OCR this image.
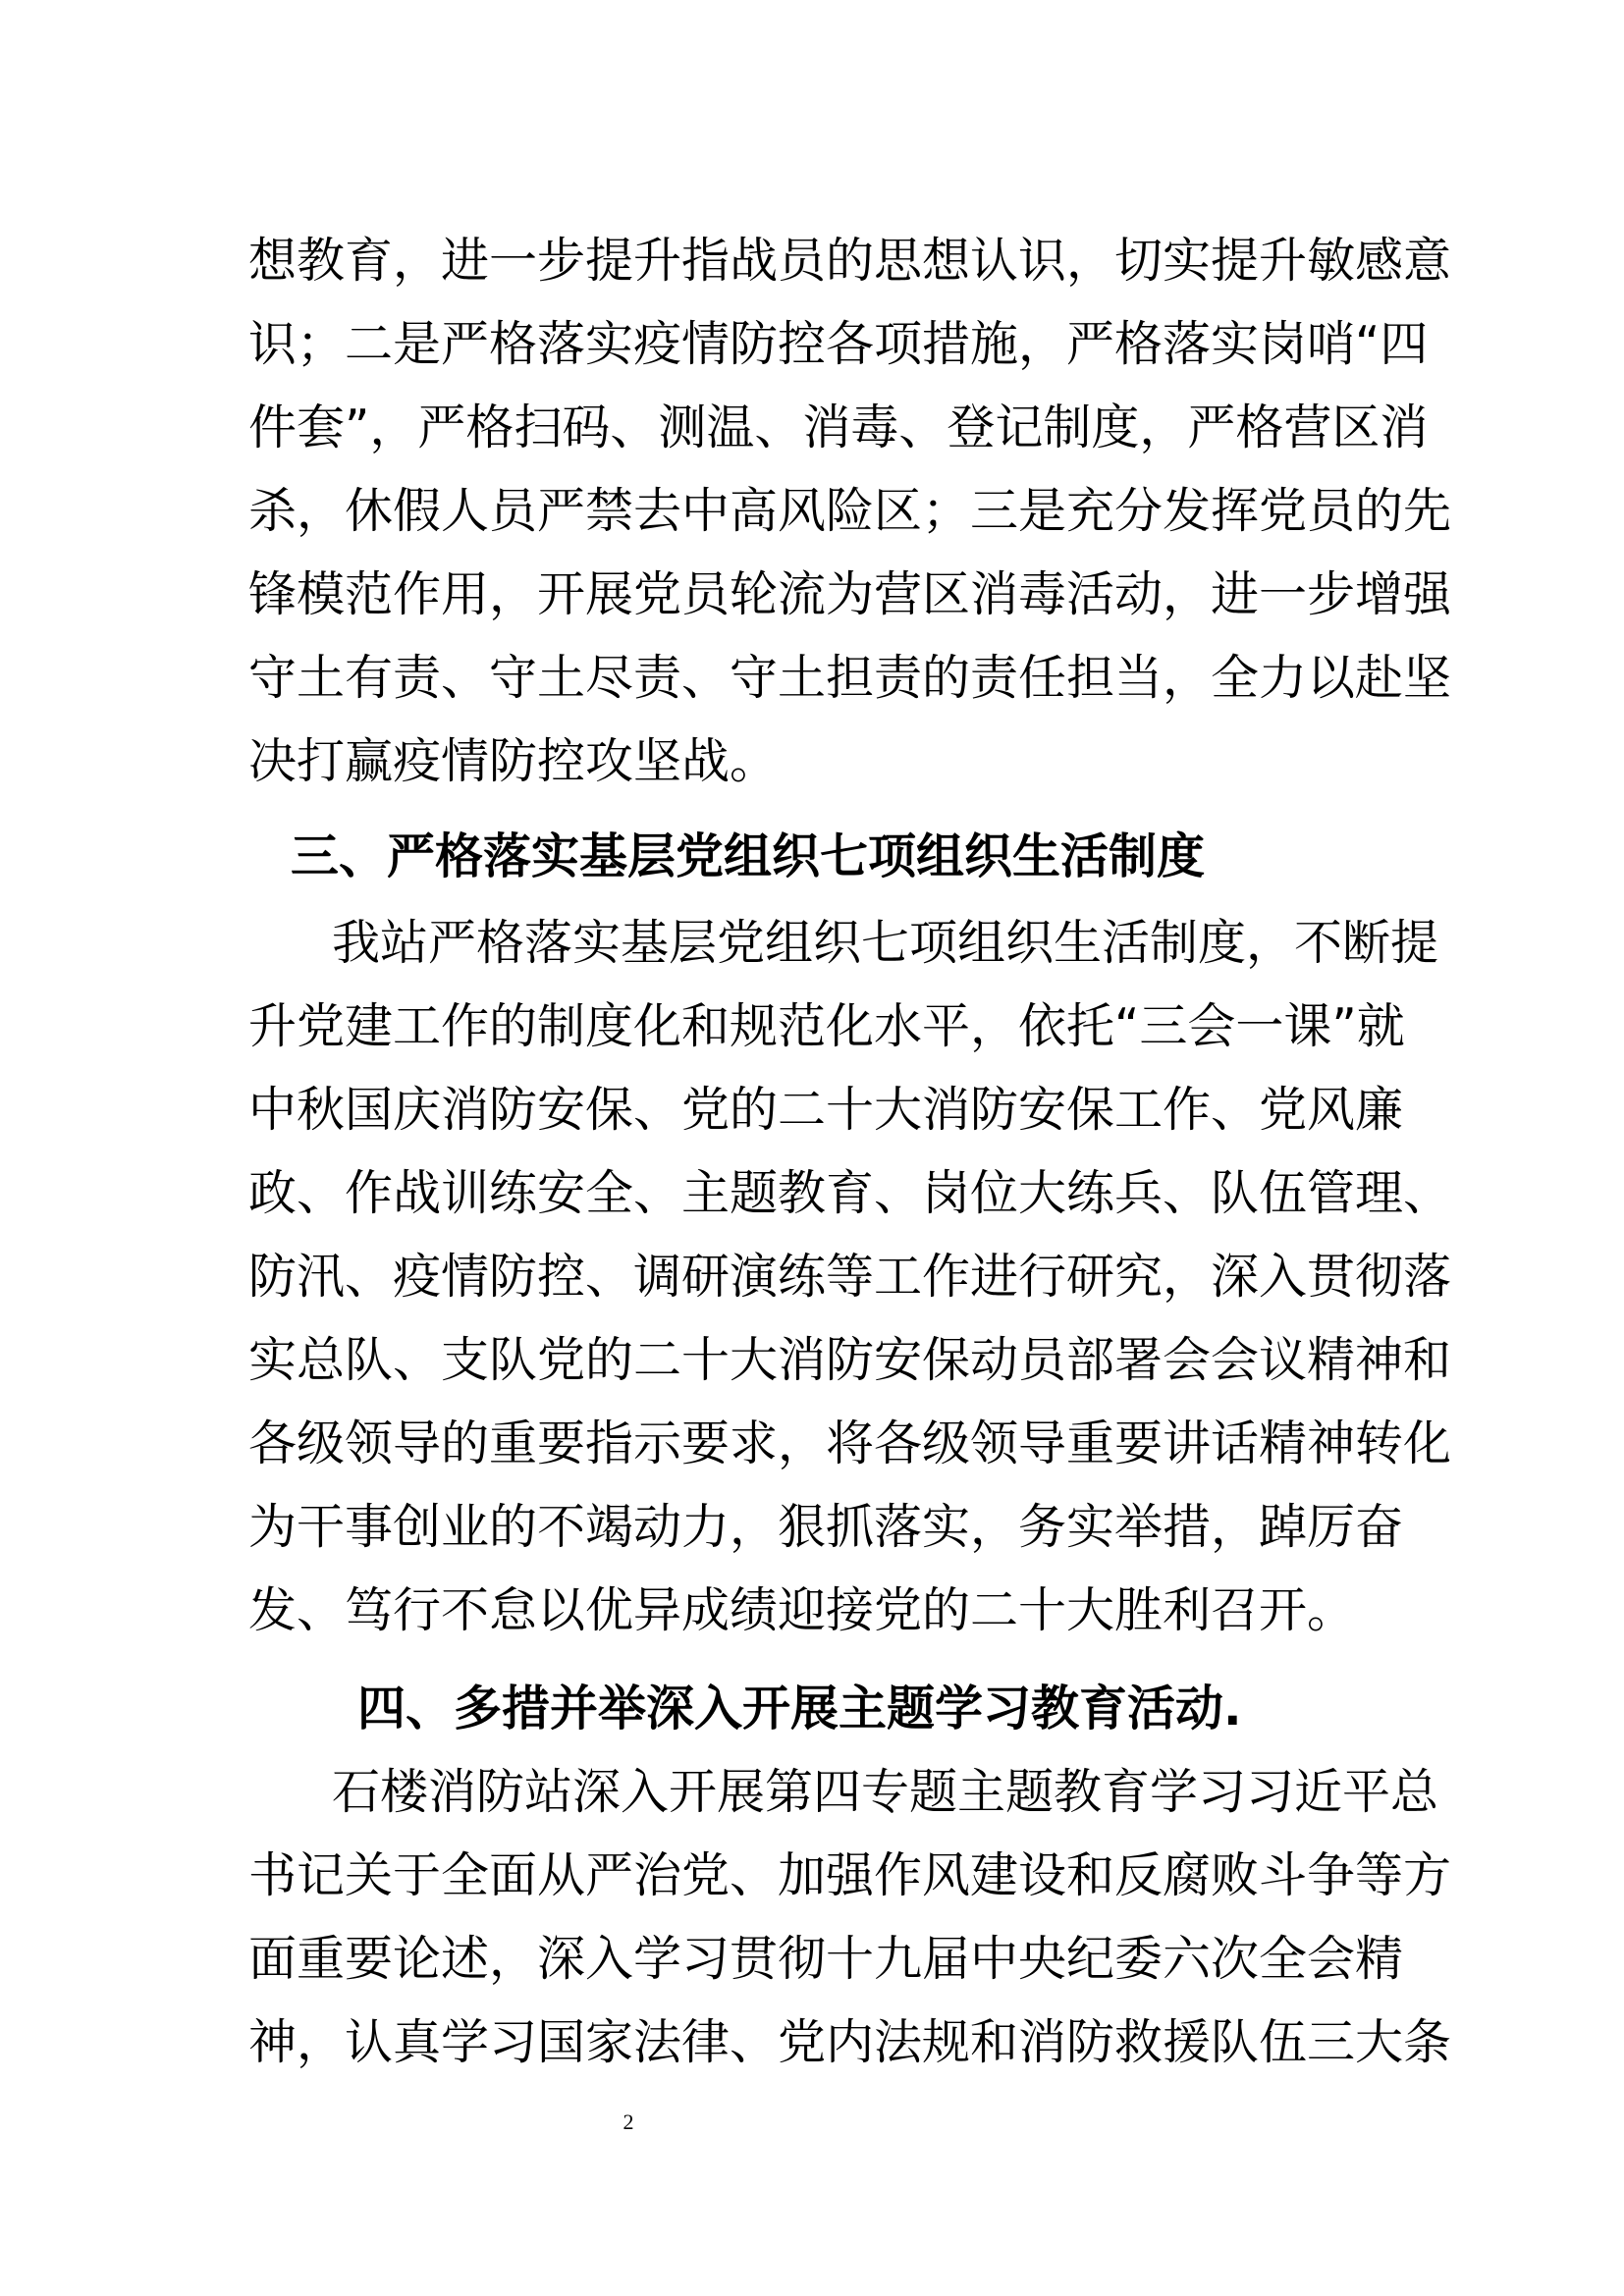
想教育，进一步提升指战员的思想认识，切实提升敏感意
识；二是严格落实疫情防控各项措施，严格落实岗哨“四
件套”，严格扫码、测温、消毒、登记制度，严格营区消
杀，休假人员严禁去中高风险区；三是充分发挥党员的先
锋模范作用，开展党员轮流为营区消毒活动，进一步增强
守土有责、守土尽责、守土担责的责任担当，全力以赴坚
决打赢疫情防控攻坚战。
三、严格落实基层党组织七项组织生活制度
我站严格落实基层党组织七项组织生活制度，不断提
升党建工作的制度化和规范化水平，依托“三会一课”就
中秋国庆消防安保、党的二十大消防安保工作、党风廉
政、作战训练安全、主题教育、岗位大练兵、队伍管理、
防汛、疫情防控、调研演练等工作进行研究，深入贯彻落
实总队、支队党的二十大消防安保动员部署会会议精神和
各级领导的重要指示要求，将各级领导重要讲话精神转化
为干事创业的不竭动力，狠抓落实，务实举措，踔厉奋
发、笃行不怠以优异成绩迎接党的二十大胜利召开。
四、多措并举深入开展主题学习教育活动.
石楼消防站深入开展第四专题主题教育学习习近平总
书记关于全面从严治党、加强作风建设和反腐败斗争等方
面重要论述，深入学习贯彻十九届中央纪委六次全会精
神，认真学习国家法律、党内法规和消防救援队伍三大条
2
